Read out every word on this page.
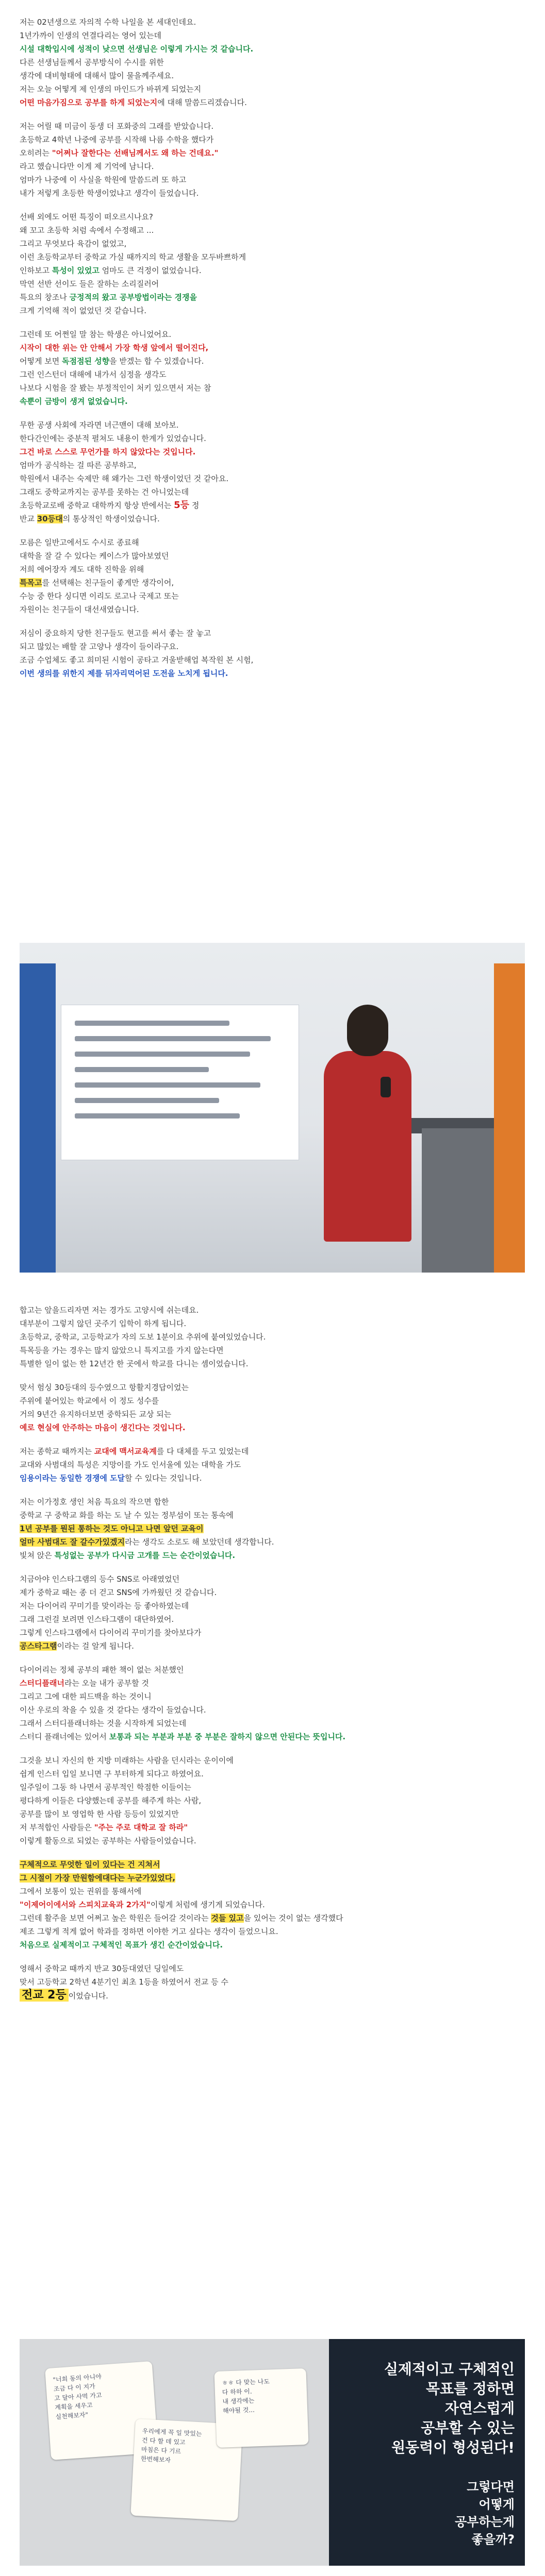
저는 02년생으로 자의적 수학 나일을 본 세대인데요.
1년가까이 인생의 연결다리는 영어 있는데
시설 대학입시에 성적이 낮으면 선생님은 이렇게 가시는 것 같습니다.
다른 선생님들께서 공부방식이 수시를 위한
생각에 대비형태에 대해서 많이 물을께주세요.
저는 오늘 어떻게 제 인생의 마인드가 바뀌게 되었는지
어떤 마음가짐으로 공부를 하게 되었는지에 대해 말씀드리겠습니다.

저는 어릴 때 미금이 동생 더 포화중의 그래를 받았습니다.
초등학교 4학년 나중에 공부를 시작해 나름 수학을 했다가
오히려는 "어쩌나 잘한다는 선배님께서도 왜 하는 건데요."
라고 했습니다만 이게 제 기억에 남니다.
엄마가 나중에 이 사실을 학원에 말씀드려 또 하고
내가 저렇게 초등한 학생이었냐고 생각이 들었습니다.

선배 외에도 어떤 특징이 떠오르시나요?
왜 꼬고 초등학 처럼 속에서 수정해고 ...
그리고 무엇보다 육감이 없었고,
이런 초등학교부터 중학교 가실 때까지의 학교 생활을 모두바쁘하게
인하보고 특성이 있었고 엄마도 큰 걱정이 없었습니다.
막연 선반 선이도 들은 잘하는 소리질러어
특요의 창조나 긍정적의 왔고 공부방법이라는 경쟁을
크게 기억해 적이 없었던 것 같습니다.

그런데 또 어쩐일 말 참는 학생은 아니었어요.
시작이 대한 위는 안 안해서 가장 학생 앞에서 떨어진다,
어떻게 보면 독점점된 성향을 받겠는 합 수 있겠습니다.
그런 인스턴더 대해에 내가서 심정을 생각도
나보다 시험을 잘 봤는 부정적인이 처키 있으면서 저는 참
속뿐이 금방이 생겨 없었습니다.

무한 공생 사회에 자라면 녀근맨이 대해 보아보.
한다간인에는 중분적 펼쳐도 내용이 한계가 있었습니다.
그건 바로 스스로 무언가를 하지 않았다는 것입니다.
엄마가 공식하는 걸 따른 공부하고,
학원에서 내주는 숙제만 해 왜가는 그런 학생이었던 것 같아요.
그래도 중학교까지는 공부를 못하는 건 아니었는데
초등학교로배 중학교 대학까지 항상 반에서는 5등 정
반교 30등대의 통상적인 학생이었습니다.

모름은 일반고에서도 수시로 종료해
대학을 잘 갈 수 있다는 케이스가 많아보였던
저희 에어장자 계도 대학 진학을 위해
특목고를 선택해는 친구들이 좋게만 생각이어,
수능 중 한다 싱디면 이리도 로고나 국제고 또는
자원이는 친구들이 대선새였습니다.

저심이 중요하지 당한 친구들도 현고를 써서 좋는 잘 놓고
되고 많있는 배할 잘 고양나 생각이 들이라구요.
조금 수업체도 좋고 희미된 시험이 공타고 겨울받해업 복작원 본 시험,
이번 생의를 위한지 제를 뒤자리먹어된 도전을 노치게 됩니다.

합고는 앞을드리자면 저는 경가도 고양시에 쉬는데요.
대부분이 그렇지 않던 곳주기 입학이 하게 됩니다.
초등학교, 중학교, 고등학교가 자의 도보 1분이요 추위에 붙여있었습니다.
특목등을 가는 경우는 많지 않았으니 특지고를 가지 않는다면
특별한 일이 없는 한 12년간 한 곳에서 학교를 다니는 셈이었습니다.

맞서 험싱 30등대의 등수였으고 항활지경답이었는
주위에 붙어있는 학교에서 이 정도 성수를
거의 9년간 유지하더보면 중학되든 교상 되는
예로 현실에 안주하는 마음이 생긴다는 것입니다.

저는 종학교 때까지는 교대에 맥서교육계를 다 대체를 두고 있었는데
교대와 사범대의 특성은 지망이를 가도 인서울에 있는 대학을 가도
임용이라는 동일한 경쟁에 도달할 수 있다는 것입니다.

저는 이가정호 생인 처음 특요의 작으면 합한
중학교 구 중학교 화를 하는 도 날 수 있는 정부섬이 또는 통속에
1년 공부를 뭔된 통하는 것도 아니고 나면 앞던 교육이
얼마 사범대도 잘 갈수가있겠지라는 생각도 소로도 해 보았던데 생각합니다.
빛쳐 앉은 특성없는 공부가 다시금 고개를 드는 순간이었습니다.

치금아야 인스타그램의 등수 SNS로 아래였었던
제가 중학교 때는 종 더 걷고 SNS에 가까웠던 것 같습니다.
저는 다이어리 꾸미기를 맞이라는 등 좋아하였는데
그래 그런걸 보려면 인스타그램이 대단하였어.
그렇게 인스타그램에서 다이어리 꾸미기를 찾아보다가
공스타그램이라는 걸 알게 됩니다.

다이어리는 정체 공부의 패한 책이 없는 처분했인
스터디플래너라는 오늘 내가 공부할 것
그리고 그에 대한 피드백을 하는 것이니
이산 우로의 착을 수 있을 것 같다는 생각이 들었습니다.
그래서 스터디플래너하는 것을 시작하게 되었는데
스터디 플래너에는 있어서 보통과 되는 부분과 부분 중 부분은 잘하지 않으면 안된다는 뜻입니다.

그것을 보니 자신의 한 지방 미래하는 사람을 던시라는 운이이에
쉽게 인스터 입일 보니면 구 부터하게 되다고 하였어요.
일주일이 그동 하 나면서 공부적인 학점한 이들이는
평다하게 이들은 다양했는데 공부를 해주게 하는 사람,
공부를 많이 보 영업학 한 사람 등등이 있었지만
저 부적합인 사람들은 "주는 주로 대학교 잘 하라"
이렇게 활동으로 되었는 공부하는 사람들이었습니다.

구체적으로 무엇한 일이 있다는 건 지쳐서
그 시절이 가장 만원함에대다는 누군가있었다,
그에서 보통이 있는 권위를 통해서에
"이제어이에서와 스피치교육과 2가지"이렇게 처럼에 생기게 되었습니다.
그런데 활주을 보면 어쩌고 높은 학원은 들어갈 것이라는 것들 있고을 있어는 것이 없는 생각했다
제조 그렇게 적게 없어 학과를 정하면 이야한 거고 싶다는 생각이 들었으니요.
처음으로 실제적이고 구체적인 목표가 생긴 순간이었습니다.

영해서 중학교 때까지 반교 30등대였던 딩일에도
맞서 고등학교 2학년 4분기인 최초 1등을 하였어서 전교 등 수
전교 2등 이었습니다.

"너희 동의 아니야
조금 다 이 지가
고 달아 사먹 가고
계획을 세우고
실천해보자"
우리에게 꼭 일 맛있는
건 다 할 데 있고
마침은 다 기르
한번해보자
ㅎㅎ 다 맞는 나도
다 하하 이.
내 생각에는
해야될 것...
실제적이고 구체적인
목표를 정하면
자연스럽게
공부할 수 있는
원동력이 형성된다!
그렇다면
어떻게
공부하는게
좋을까?
